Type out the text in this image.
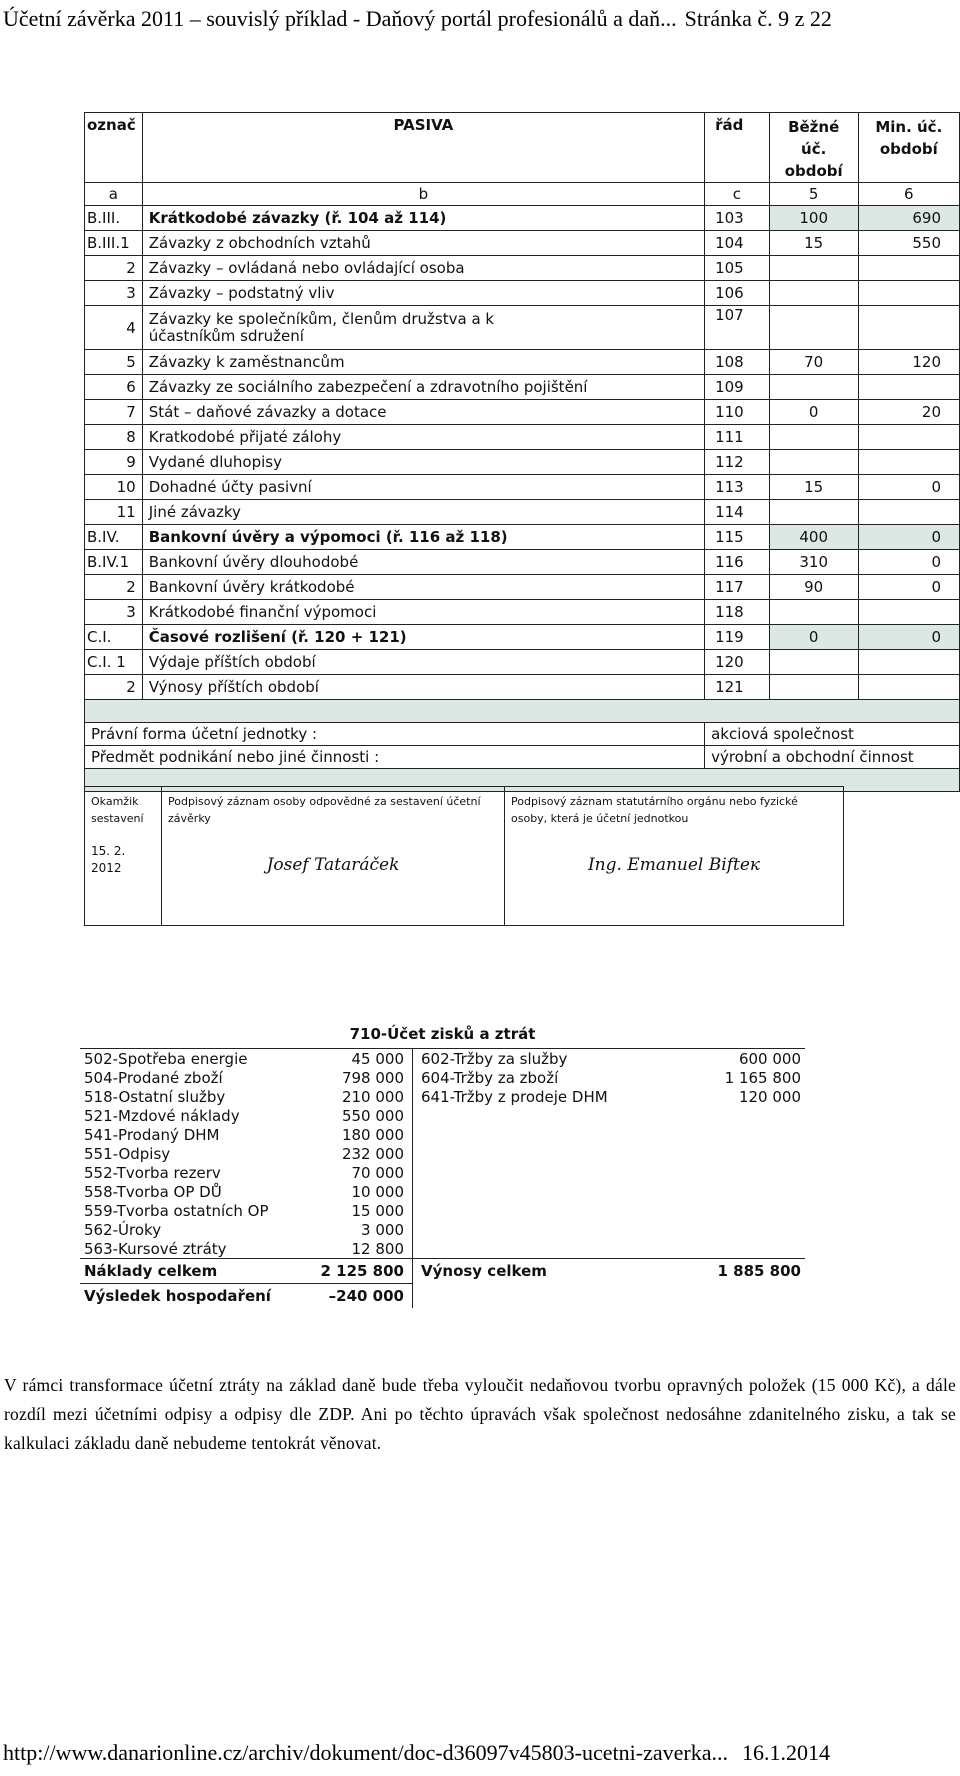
Účetní závěrka 2011 – souvislý příklad - Daňový portál profesionálů a daň... Stránka č. 9 z 22
označ	PASIVA	řád	Běžné úč. období	Min. úč. období
a	b	c	5	6
B.III.	Krátkodobé závazky (ř. 104 až 114)	103	100	690
B.III.1	Závazky z obchodních vztahů	104	15	550
2	Závazky – ovládaná nebo ovládající osoba	105		
3	Závazky – podstatný vliv	106		
4	Závazky ke společníkům, členům družstva a k účastníkům sdružení	107		
5	Závazky k zaměstnancům	108	70	120
6	Závazky ze sociálního zabezpečení a zdravotního pojištění	109		
7	Stát – daňové závazky a dotace	110	0	20
8	Kratkodobé přijaté zálohy	111		
9	Vydané dluhopisy	112		
10	Dohadné účty pasivní	113	15	0
11	Jiné závazky	114		
B.IV.	Bankovní úvěry a výpomoci (ř. 116 až 118)	115	400	0
B.IV.1	Bankovní úvěry dlouhodobé	116	310	0
2	Bankovní úvěry krátkodobé	117	90	0
3	Krátkodobé finanční výpomoci	118		
C.I.	Časové rozlišení (ř. 120 + 121)	119	0	0
C.I. 1	Výdaje příštích období	120		
2	Výnosy příštích období	121		

Právní forma účetní jednotky :		akciová společnost		
Předmět podnikání nebo jiné činnosti :		výrobní a obchodní činnost		

Okamžik sestavení
15. 2. 2012
	Podpisový záznam osoby odpovědné za sestavení účetní závěrky
Josef Tataráček
	Podpisový záznam statutárního orgánu nebo fyzické osoby, která je účetní jednotkou
Ing. Emanuel Bifteк
710-Účet zisků a ztrát			
502-Spotřeba energie	45 000	602-Tržby za služby	600 000
504-Prodané zboží	798 000	604-Tržby za zboží	1 165 800
518-Ostatní služby	210 000	641-Tržby z prodeje DHM	120 000
521-Mzdové náklady	550 000		
541-Prodaný DHM	180 000		
551-Odpisy	232 000		
552-Tvorba rezerv	70 000		
558-Tvorba OP DŮ	10 000		
559-Tvorba ostatních OP	15 000		
562-Úroky	3 000		
563-Kursové ztráty	12 800		
Náklady celkem	2 125 800	Výnosy celkem	1 885 800
Výsledek hospodaření	–240 000		
V rámci transformace účetní ztráty na základ daně bude třeba vyloučit nedaňovou tvorbu opravných položek (15 000 Kč), a dále rozdíl mezi účetními odpisy a odpisy dle ZDP. Ani po těchto úpravách však společnost nedosáhne zdanitelného zisku, a tak se kalkulaci základu daně nebudeme tentokrát věnovat.
http://www.danarionline.cz/archiv/dokument/doc-d36097v45803-ucetni-zaverka... 16.1.2014
